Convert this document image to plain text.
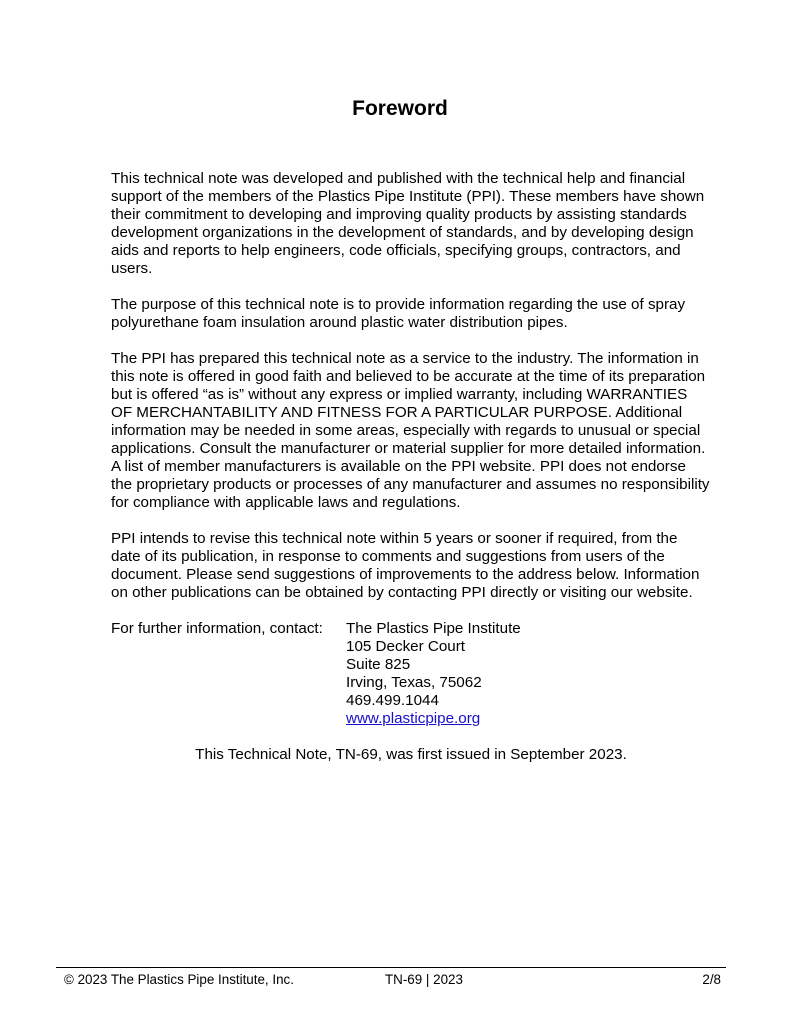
Foreword

This technical note was developed and published with the technical help and financial support of the members of the Plastics Pipe Institute (PPI). These members have shown their commitment to developing and improving quality products by assisting standards development organizations in the development of standards, and by developing design aids and reports to help engineers, code officials, specifying groups, contractors, and users.

The purpose of this technical note is to provide information regarding the use of spray polyurethane foam insulation around plastic water distribution pipes.

The PPI has prepared this technical note as a service to the industry. The information in this note is offered in good faith and believed to be accurate at the time of its preparation but is offered “as is” without any express or implied warranty, including WARRANTIES OF MERCHANTABILITY AND FITNESS FOR A PARTICULAR PURPOSE. Additional information may be needed in some areas, especially with regards to unusual or special applications. Consult the manufacturer or material supplier for more detailed information. A list of member manufacturers is available on the PPI website. PPI does not endorse the proprietary products or processes of any manufacturer and assumes no responsibility for compliance with applicable laws and regulations.

PPI intends to revise this technical note within 5 years or sooner if required, from the date of its publication, in response to comments and suggestions from users of the document. Please send suggestions of improvements to the address below. Information on other publications can be obtained by contacting PPI directly or visiting our website.

For further information, contact:	The Plastics Pipe Institute
105 Decker Court
Suite 825
Irving, Texas, 75062
469.499.1044
www.plasticpipe.org
This Technical Note, TN-69, was first issued in September 2023.
© 2023 The Plastics Pipe Institute, Inc.	TN-69 | 2023	2/8
